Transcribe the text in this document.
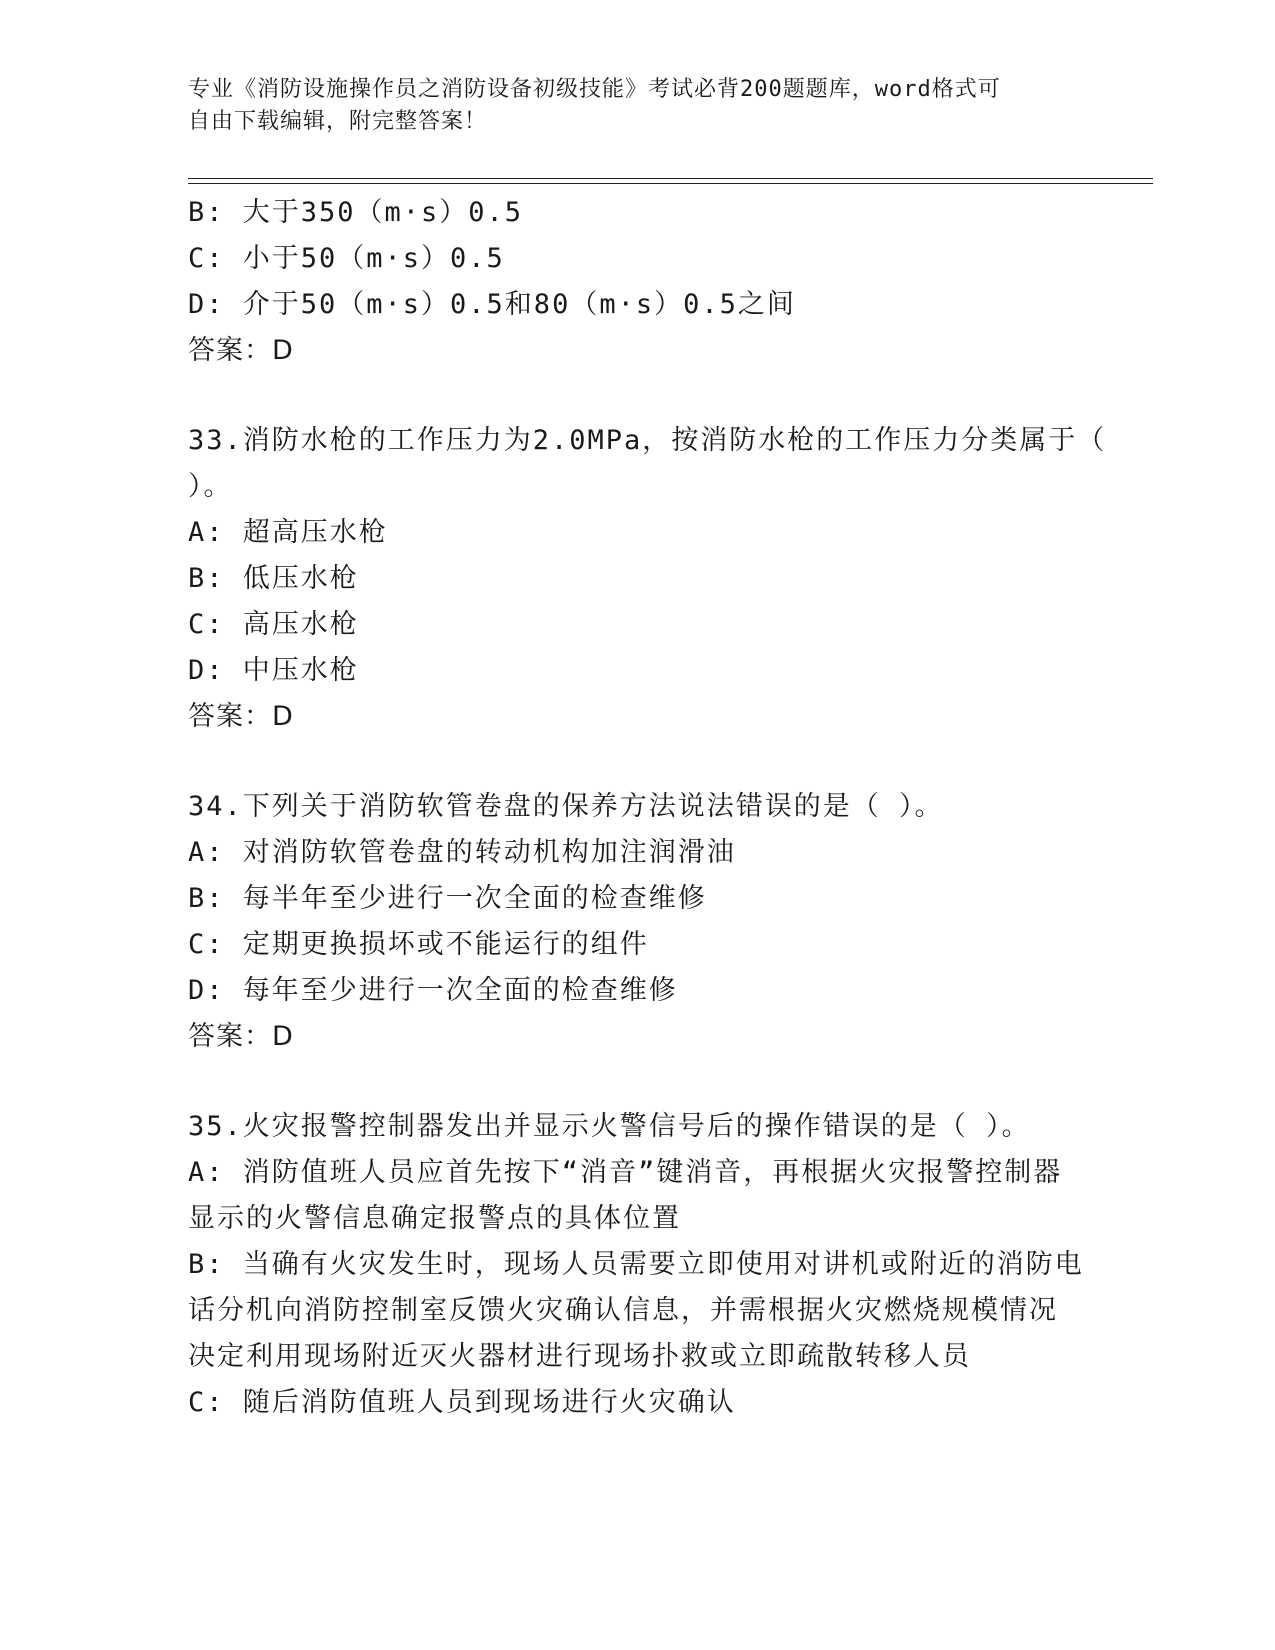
专业《消防设施操作员之消防设备初级技能》考试必背200题题库，word格式可
自由下载编辑，附完整答案！
B: 大于350（m·s）0.5
C: 小于50（m·s）0.5
D: 介于50（m·s）0.5和80（m·s）0.5之间
答案：D
33.消防水枪的工作压力为2.0MPa，按消防水枪的工作压力分类属于（
）。
A: 超高压水枪
B: 低压水枪
C: 高压水枪
D: 中压水枪
答案：D
34.下列关于消防软管卷盘的保养方法说法错误的是（ ）。
A: 对消防软管卷盘的转动机构加注润滑油
B: 每半年至少进行一次全面的检查维修
C: 定期更换损坏或不能运行的组件
D: 每年至少进行一次全面的检查维修
答案：D
35.火灾报警控制器发出并显示火警信号后的操作错误的是（ ）。
A: 消防值班人员应首先按下“消音”键消音，再根据火灾报警控制器
显示的火警信息确定报警点的具体位置
B: 当确有火灾发生时，现场人员需要立即使用对讲机或附近的消防电
话分机向消防控制室反馈火灾确认信息，并需根据火灾燃烧规模情况
决定利用现场附近灭火器材进行现场扑救或立即疏散转移人员
C: 随后消防值班人员到现场进行火灾确认
